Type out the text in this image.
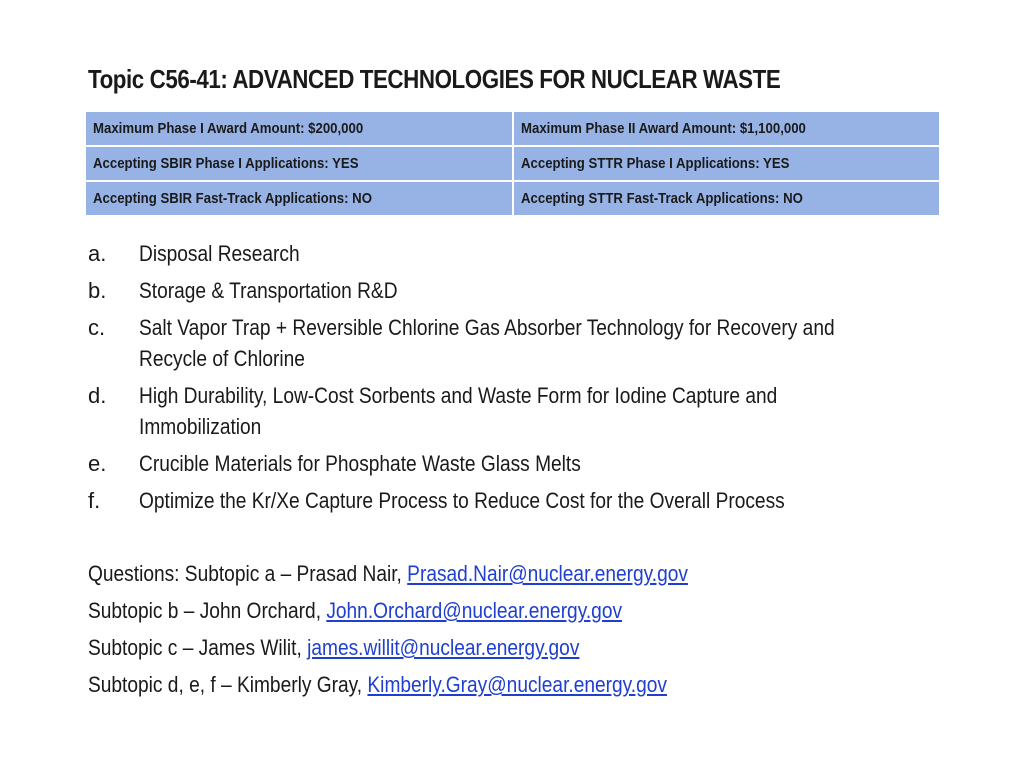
Topic C56-41: ADVANCED TECHNOLOGIES FOR NUCLEAR WASTE
Maximum Phase I Award Amount: $200,000	Maximum Phase II Award Amount: $1,100,000
Accepting SBIR Phase I Applications: YES	Accepting STTR Phase I Applications: YES
Accepting SBIR Fast-Track Applications: NO	Accepting STTR Fast-Track Applications: NO
a.	Disposal Research
b.	Storage & Transportation R&D
c.	Salt Vapor Trap + Reversible Chlorine Gas Absorber Technology for Recovery and Recycle of Chlorine
d.	High Durability, Low-Cost Sorbents and Waste Form for Iodine Capture and Immobilization
e.	Crucible Materials for Phosphate Waste Glass Melts
f.	Optimize the Kr/Xe Capture Process to Reduce Cost for the Overall Process
Questions: Subtopic a – Prasad Nair, Prasad.Nair@nuclear.energy.gov
Subtopic b – John Orchard, John.Orchard@nuclear.energy.gov
Subtopic c – James Wilit, james.willit@nuclear.energy.gov
Subtopic d, e, f – Kimberly Gray, Kimberly.Gray@nuclear.energy.gov
